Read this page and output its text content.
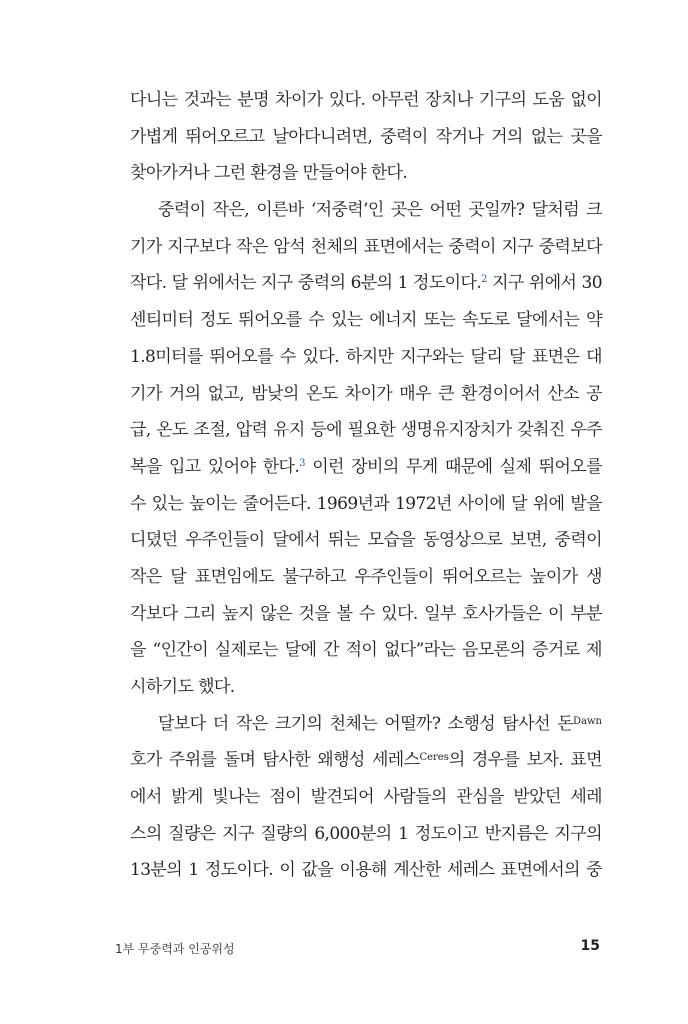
다니는 것과는 분명 차이가 있다. 아무런 장치나 기구의 도움 없이
가볍게 뛰어오르고 날아다니려면, 중력이 작거나 거의 없는 곳을
찾아가거나 그런 환경을 만들어야 한다.
중력이 작은, 이른바 ‘저중력’인 곳은 어떤 곳일까? 달처럼 크
기가 지구보다 작은 암석 천체의 표면에서는 중력이 지구 중력보다
작다. 달 위에서는 지구 중력의 6분의 1 정도이다.$^2$ 지구 위에서 30
센티미터 정도 뛰어오를 수 있는 에너지 또는 속도로 달에서는 약
1.8미터를 뛰어오를 수 있다. 하지만 지구와는 달리 달 표면은 대
기가 거의 없고, 밤낮의 온도 차이가 매우 큰 환경이어서 산소 공
급, 온도 조절, 압력 유지 등에 필요한 생명유지장치가 갖춰진 우주
복을 입고 있어야 한다.$^3$ 이런 장비의 무게 때문에 실제 뛰어오를
수 있는 높이는 줄어든다. 1969년과 1972년 사이에 달 위에 발을
디뎠던 우주인들이 달에서 뛰는 모습을 동영상으로 보면, 중력이
작은 달 표면임에도 불구하고 우주인들이 뛰어오르는 높이가 생
각보다 그리 높지 않은 것을 볼 수 있다. 일부 호사가들은 이 부분
을 “인간이 실제로는 달에 간 적이 없다”라는 음모론의 증거로 제
시하기도 했다.
달보다 더 작은 크기의 천체는 어떨까? 소행성 탐사선 돈$^{Dawn}$
호가 주위를 돌며 탐사한 왜행성 세레스$^{Ceres}$의 경우를 보자. 표면
에서 밝게 빛나는 점이 발견되어 사람들의 관심을 받았던 세레
스의 질량은 지구 질량의 6,000분의 1 정도이고 반지름은 지구의
13분의 1 정도이다. 이 값을 이용해 계산한 세레스 표면에서의 중
1부 무중력과 인공위성	15
